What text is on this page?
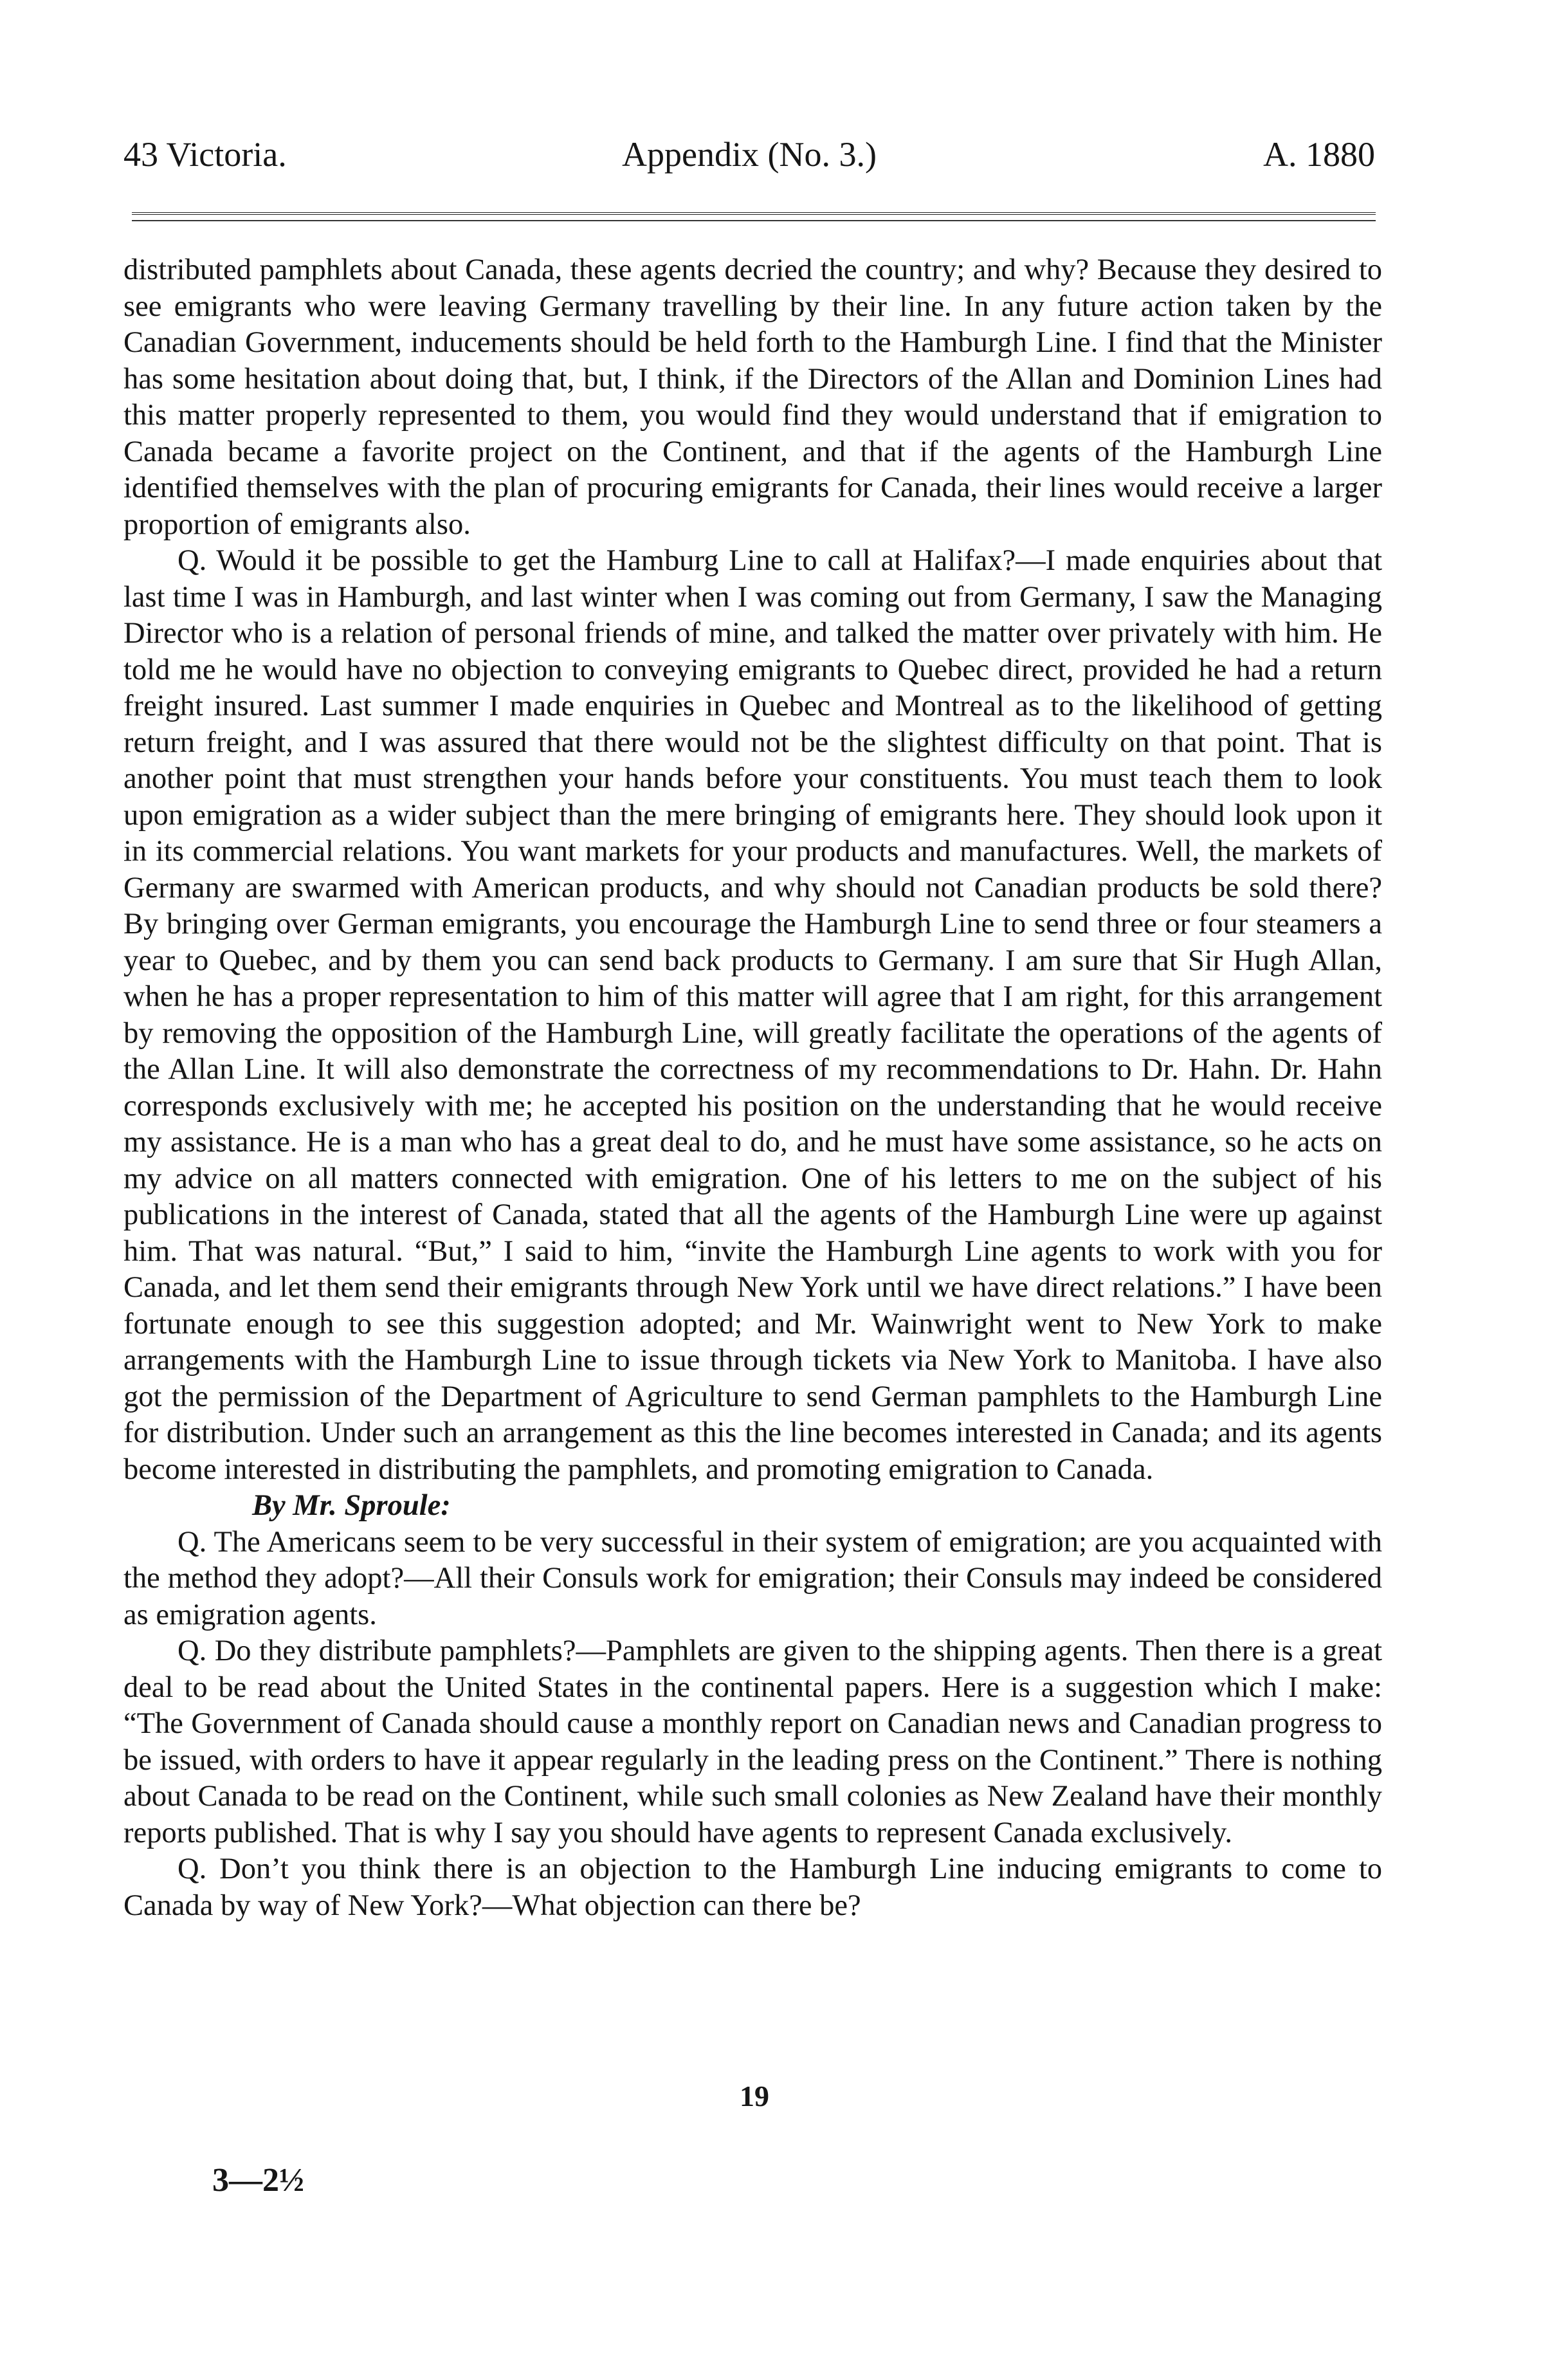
43 Victoria.	Appendix (No. 3.)	A. 1880

distributed pamphlets about Canada, these agents decried the country; and why? Because they desired to see emigrants who were leaving Germany travelling by their line. In any future action taken by the Canadian Government, inducements should be held forth to the Hamburgh Line. I find that the Minister has some hesitation about doing that, but, I think, if the Directors of the Allan and Dominion Lines had this matter properly represented to them, you would find they would understand that if emigration to Canada became a favorite project on the Continent, and that if the agents of the Hamburgh Line identified themselves with the plan of procuring emigrants for Canada, their lines would receive a larger proportion of emigrants also.

Q. Would it be possible to get the Hamburg Line to call at Halifax?—I made enquiries about that last time I was in Hamburgh, and last winter when I was coming out from Germany, I saw the Managing Director who is a relation of personal friends of mine, and talked the matter over privately with him. He told me he would have no objection to conveying emigrants to Quebec direct, provided he had a return freight insured. Last summer I made enquiries in Quebec and Montreal as to the likelihood of getting return freight, and I was assured that there would not be the slightest difficulty on that point. That is another point that must strengthen your hands before your constituents. You must teach them to look upon emigration as a wider subject than the mere bringing of emigrants here. They should look upon it in its commercial relations. You want markets for your products and manufactures. Well, the markets of Germany are swarmed with American products, and why should not Canadian products be sold there? By bringing over German emigrants, you encourage the Hamburgh Line to send three or four steamers a year to Quebec, and by them you can send back products to Germany. I am sure that Sir Hugh Allan, when he has a proper representation to him of this matter will agree that I am right, for this arrangement by removing the opposition of the Hamburgh Line, will greatly facilitate the operations of the agents of the Allan Line. It will also demonstrate the correctness of my recommendations to Dr. Hahn. Dr. Hahn corresponds exclusively with me; he accepted his position on the understanding that he would receive my assistance. He is a man who has a great deal to do, and he must have some assistance, so he acts on my advice on all matters connected with emigration. One of his letters to me on the subject of his publications in the interest of Canada, stated that all the agents of the Hamburgh Line were up against him. That was natural. “But,” I said to him, “invite the Hamburgh Line agents to work with you for Canada, and let them send their emigrants through New York until we have direct relations.” I have been fortunate enough to see this suggestion adopted; and Mr. Wainwright went to New York to make arrangements with the Hamburgh Line to issue through tickets via New York to Manitoba. I have also got the permission of the Department of Agriculture to send German pamphlets to the Hamburgh Line for distribution. Under such an arrangement as this the line becomes interested in Canada; and its agents become interested in distributing the pamphlets, and promoting emigration to Canada.

By Mr. Sproule:

Q. The Americans seem to be very successful in their system of emigration; are you acquainted with the method they adopt?—All their Consuls work for emigration; their Consuls may indeed be considered as emigration agents.

Q. Do they distribute pamphlets?—Pamphlets are given to the shipping agents. Then there is a great deal to be read about the United States in the continental papers. Here is a suggestion which I make: “The Government of Canada should cause a monthly report on Canadian news and Canadian progress to be issued, with orders to have it appear regularly in the leading press on the Continent.” There is nothing about Canada to be read on the Continent, while such small colonies as New Zealand have their monthly reports published. That is why I say you should have agents to represent Canada exclusively.

Q. Don’t you think there is an objection to the Hamburgh Line inducing emigrants to come to Canada by way of New York?—What objection can there be?

19
3—2½
